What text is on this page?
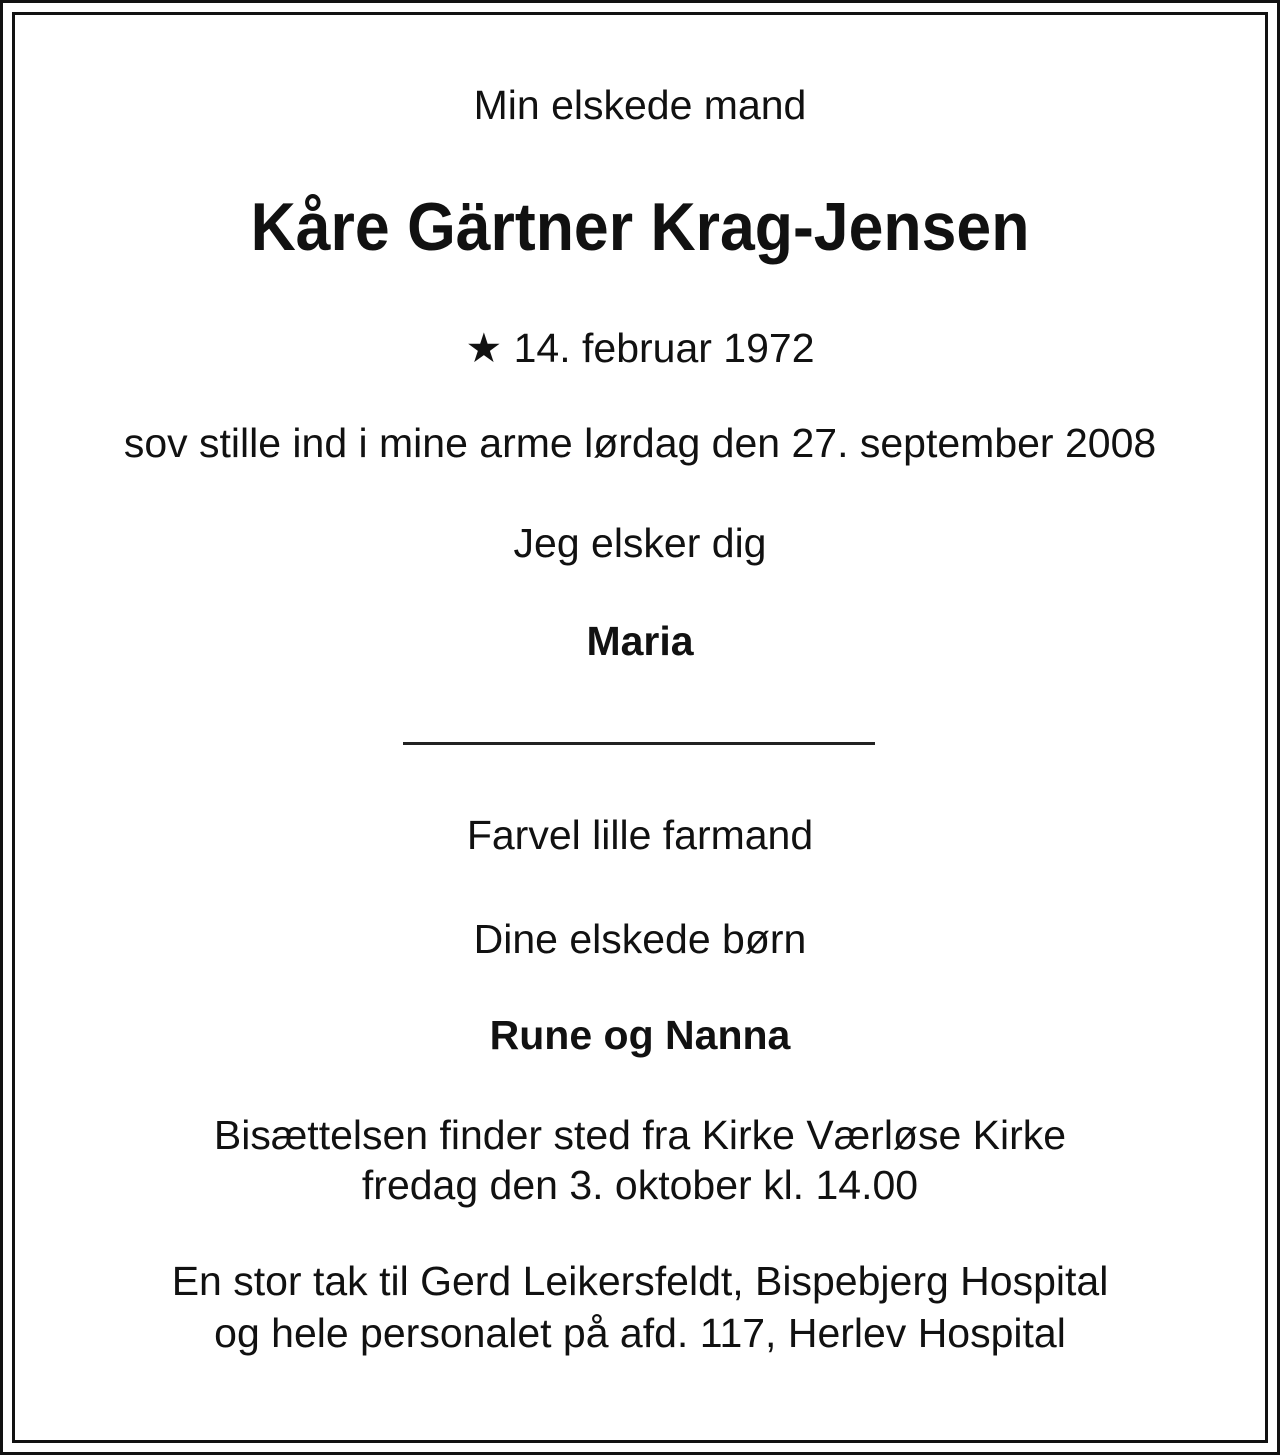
Min elskede mand
Kåre Gärtner Krag-Jensen
★ 14. februar 1972
sov stille ind i mine arme lørdag den 27. september 2008
Jeg elsker dig
Maria
Farvel lille farmand
Dine elskede børn
Rune og Nanna
Bisættelsen finder sted fra Kirke Værløse Kirke
fredag den 3. oktober kl. 14.00
En stor tak til Gerd Leikersfeldt, Bispebjerg Hospital
og hele personalet på afd. 117, Herlev Hospital
